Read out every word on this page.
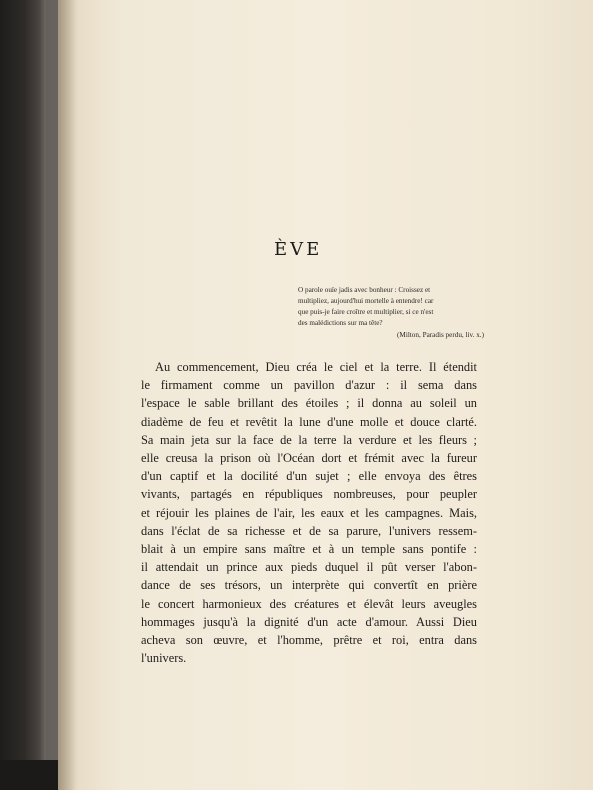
ÈVE
O parole ouïe jadis avec bonheur : Croissez et
multipliez, aujourd'hui mortelle à entendre! car
que puis-je faire croître et multiplier, si ce n'est
des malédictions sur ma tête?
(Milton, Paradis perdu, liv. x.)
Au commencement, Dieu créa le ciel et la terre. Il étendit
le firmament comme un pavillon d'azur : il sema dans
l'espace le sable brillant des étoiles ; il donna au soleil un
diadème de feu et revêtit la lune d'une molle et douce clarté.
Sa main jeta sur la face de la terre la verdure et les fleurs ;
elle creusa la prison où l'Océan dort et frémit avec la fureur
d'un captif et la docilité d'un sujet ; elle envoya des êtres
vivants, partagés en républiques nombreuses, pour peupler
et réjouir les plaines de l'air, les eaux et les campagnes. Mais,
dans l'éclat de sa richesse et de sa parure, l'univers ressem-
blait à un empire sans maître et à un temple sans pontife :
il attendait un prince aux pieds duquel il pût verser l'abon-
dance de ses trésors, un interprète qui convertît en prière
le concert harmonieux des créatures et élevât leurs aveugles
hommages jusqu'à la dignité d'un acte d'amour. Aussi Dieu
acheva son œuvre, et l'homme, prêtre et roi, entra dans
l'univers.
